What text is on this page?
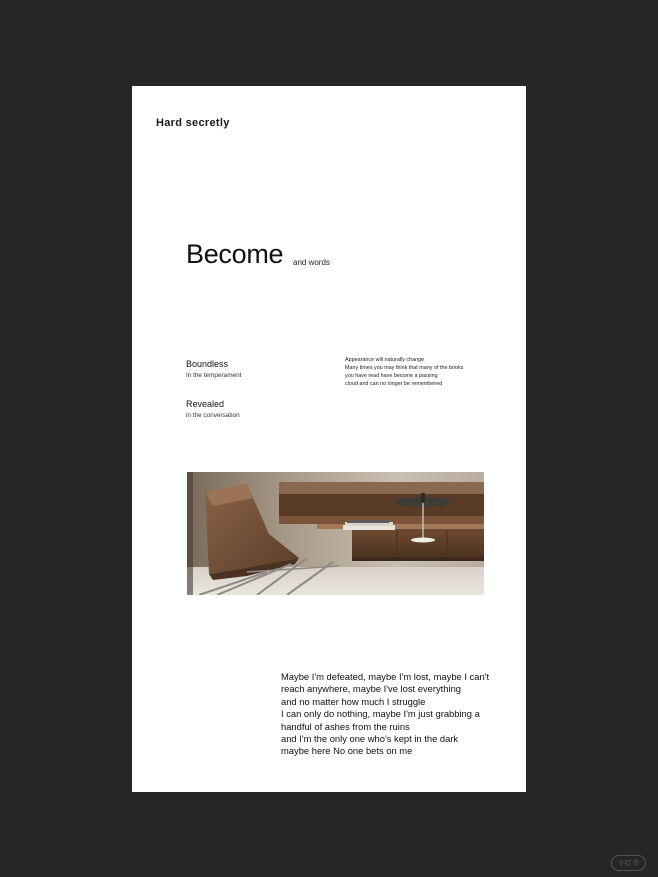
Hard secretly
Become and words
Boundless
In the temperament
Revealed
in the conversation
Appearance will naturally change
Many times you may think that many of the books
you have read have become a passing
cloud and can no longer be remembered
Maybe I'm defeated, maybe I'm lost, maybe I can't
reach anywhere, maybe I've lost everything
and no matter how much I struggle
I can only do nothing, maybe I'm just grabbing a
handful of ashes from the ruins
and I'm the only one who's kept in the dark
maybe here No one bets on me
小红书
